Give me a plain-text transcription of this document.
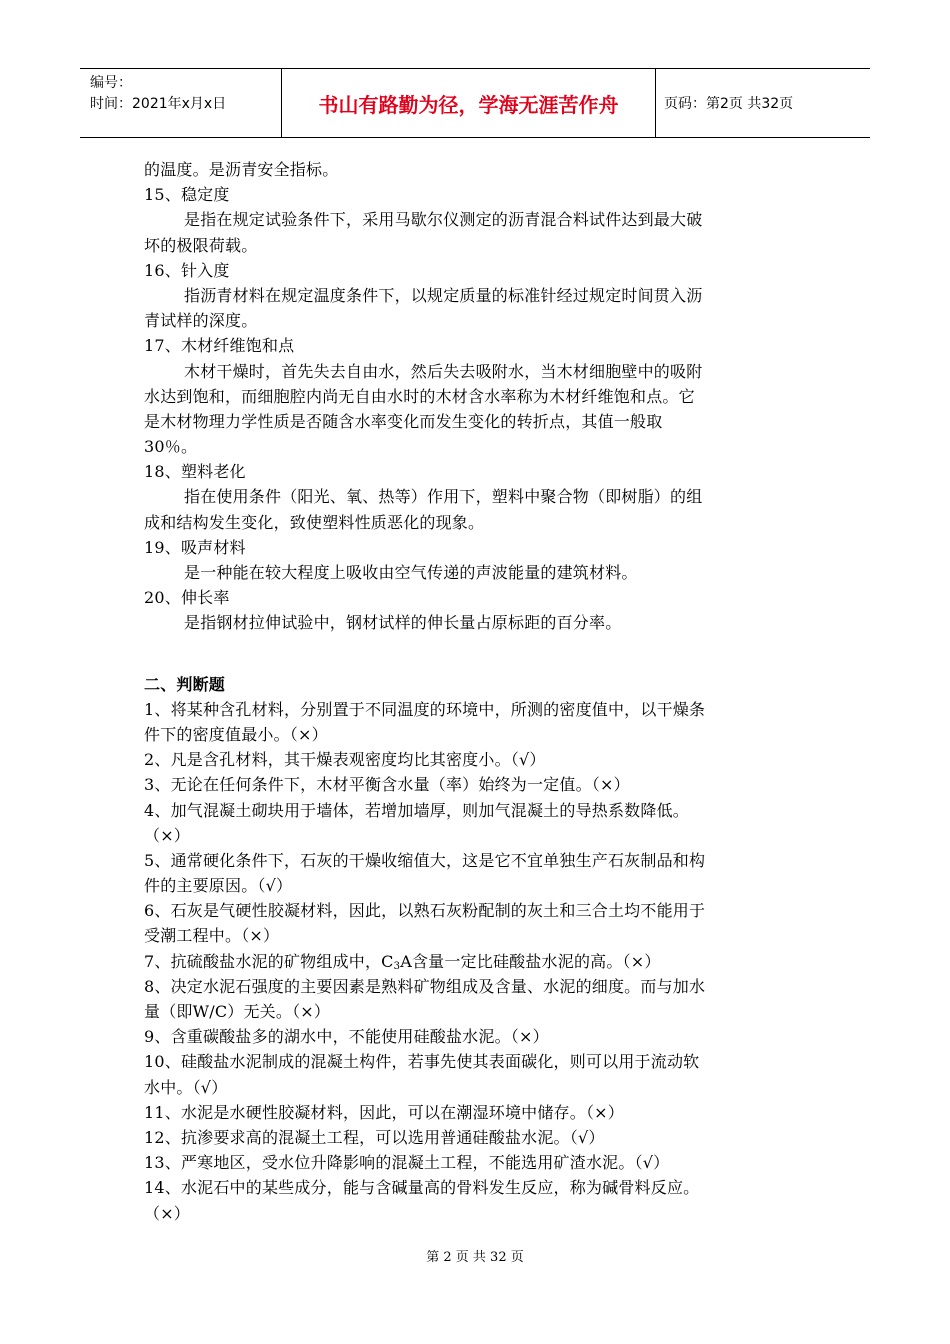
编号：
时间：2021年x月x日	书山有路勤为径，学海无涯苦作舟	页码：第2页 共32页
的温度。是沥青安全指标。
15、稳定度
是指在规定试验条件下，采用马歇尔仪测定的沥青混合料试件达到最大破
坏的极限荷载。
16、针入度
指沥青材料在规定温度条件下，以规定质量的标准针经过规定时间贯入沥
青试样的深度。
17、木材纤维饱和点
木材干燥时，首先失去自由水，然后失去吸附水，当木材细胞壁中的吸附
水达到饱和，而细胞腔内尚无自由水时的木材含水率称为木材纤维饱和点。它
是木材物理力学性质是否随含水率变化而发生变化的转折点，其值一般取
30％。
18、塑料老化
指在使用条件（阳光、氧、热等）作用下，塑料中聚合物（即树脂）的组
成和结构发生变化，致使塑料性质恶化的现象。
19、吸声材料
是一种能在较大程度上吸收由空气传递的声波能量的建筑材料。
20、伸长率
是指钢材拉伸试验中，钢材试样的伸长量占原标距的百分率。
二、判断题
1、将某种含孔材料，分别置于不同温度的环境中，所测的密度值中，以干燥条
件下的密度值最小。（×）
2、凡是含孔材料，其干燥表观密度均比其密度小。（√）
3、无论在任何条件下，木材平衡含水量（率）始终为一定值。（×）
4、加气混凝土砌块用于墙体，若增加墙厚，则加气混凝土的导热系数降低。
（×）
5、通常硬化条件下，石灰的干燥收缩值大，这是它不宜单独生产石灰制品和构
件的主要原因。（√）
6、石灰是气硬性胶凝材料，因此，以熟石灰粉配制的灰土和三合土均不能用于
受潮工程中。（×）
7、抗硫酸盐水泥的矿物组成中，$C_3A$含量一定比硅酸盐水泥的高。（×）
8、决定水泥石强度的主要因素是熟料矿物组成及含量、水泥的细度。而与加水
量（即W/C）无关。（×）
9、含重碳酸盐多的湖水中，不能使用硅酸盐水泥。（×）
10、硅酸盐水泥制成的混凝土构件，若事先使其表面碳化，则可以用于流动软
水中。（√）
11、水泥是水硬性胶凝材料，因此，可以在潮湿环境中储存。（×）
12、抗渗要求高的混凝土工程，可以选用普通硅酸盐水泥。（√）
13、严寒地区，受水位升降影响的混凝土工程，不能选用矿渣水泥。（√）
14、水泥石中的某些成分，能与含碱量高的骨料发生反应，称为碱骨料反应。
（×）
第 2 页 共 32 页
